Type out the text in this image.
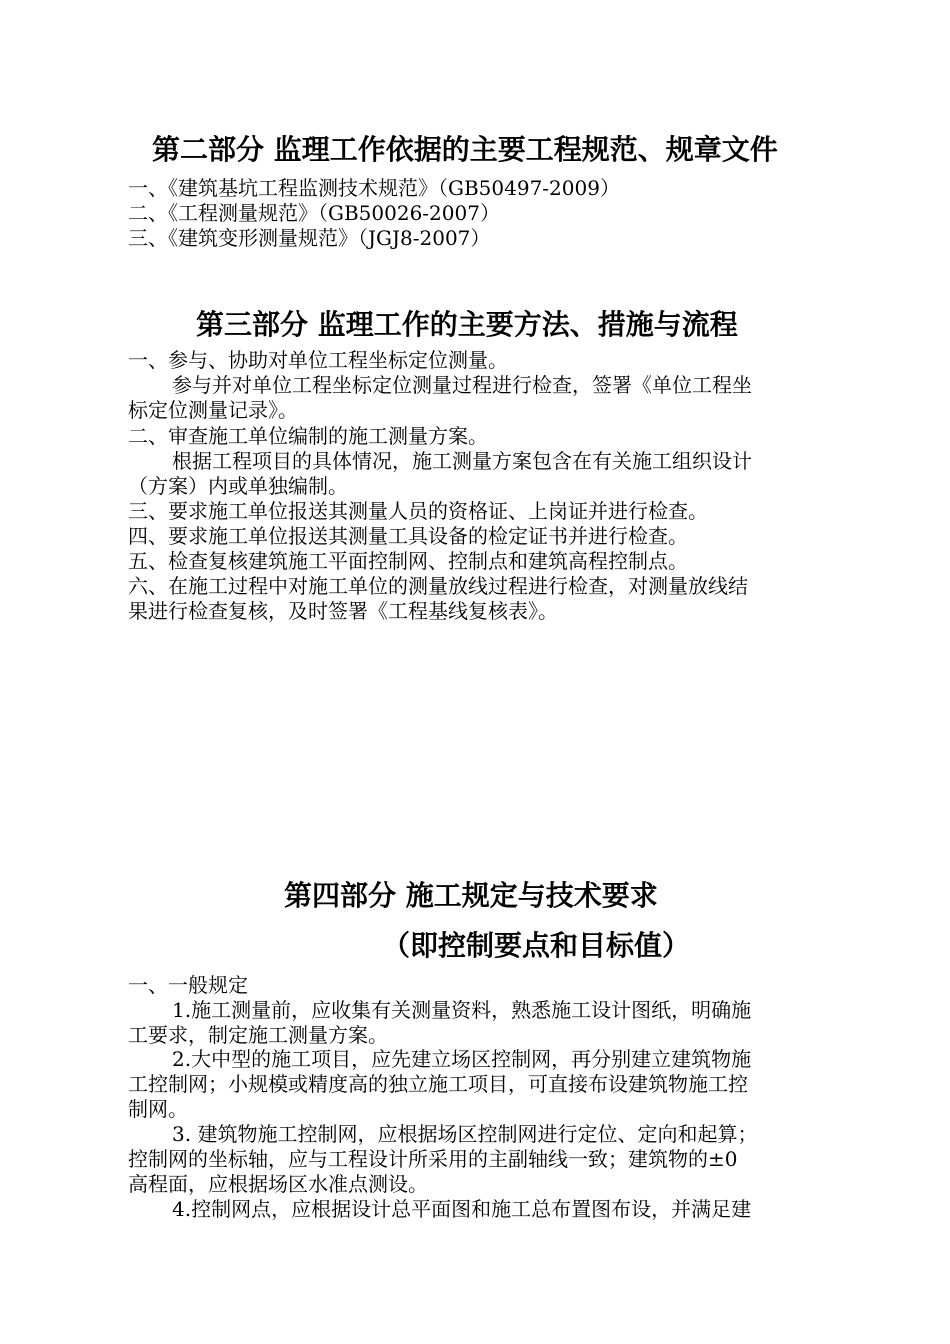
第二部分 监理工作依据的主要工程规范、规章文件
一、《建筑基坑工程监测技术规范》（GB50497-2009）
二、《工程测量规范》（GB50026-2007）
三、《建筑变形测量规范》（JGJ8-2007）
第三部分 监理工作的主要方法、措施与流程
一、参与、协助对单位工程坐标定位测量。
参与并对单位工程坐标定位测量过程进行检查，签署《单位工程坐
标定位测量记录》。
二、审查施工单位编制的施工测量方案。
根据工程项目的具体情况，施工测量方案包含在有关施工组织设计
（方案）内或单独编制。
三、要求施工单位报送其测量人员的资格证、上岗证并进行检查。
四、要求施工单位报送其测量工具设备的检定证书并进行检查。
五、检查复核建筑施工平面控制网、控制点和建筑高程控制点。
六、在施工过程中对施工单位的测量放线过程进行检查，对测量放线结
果进行检查复核，及时签署《工程基线复核表》。
第四部分 施工规定与技术要求
（即控制要点和目标值）
一、一般规定
1.施工测量前，应收集有关测量资料，熟悉施工设计图纸，明确施
工要求，制定施工测量方案。
2.大中型的施工项目，应先建立场区控制网，再分别建立建筑物施
工控制网；小规模或精度高的独立施工项目，可直接布设建筑物施工控
制网。
3. 建筑物施工控制网，应根据场区控制网进行定位、定向和起算；
控制网的坐标轴，应与工程设计所采用的主副轴线一致；建筑物的±0
高程面，应根据场区水准点测设。
4.控制网点，应根据设计总平面图和施工总布置图布设，并满足建
